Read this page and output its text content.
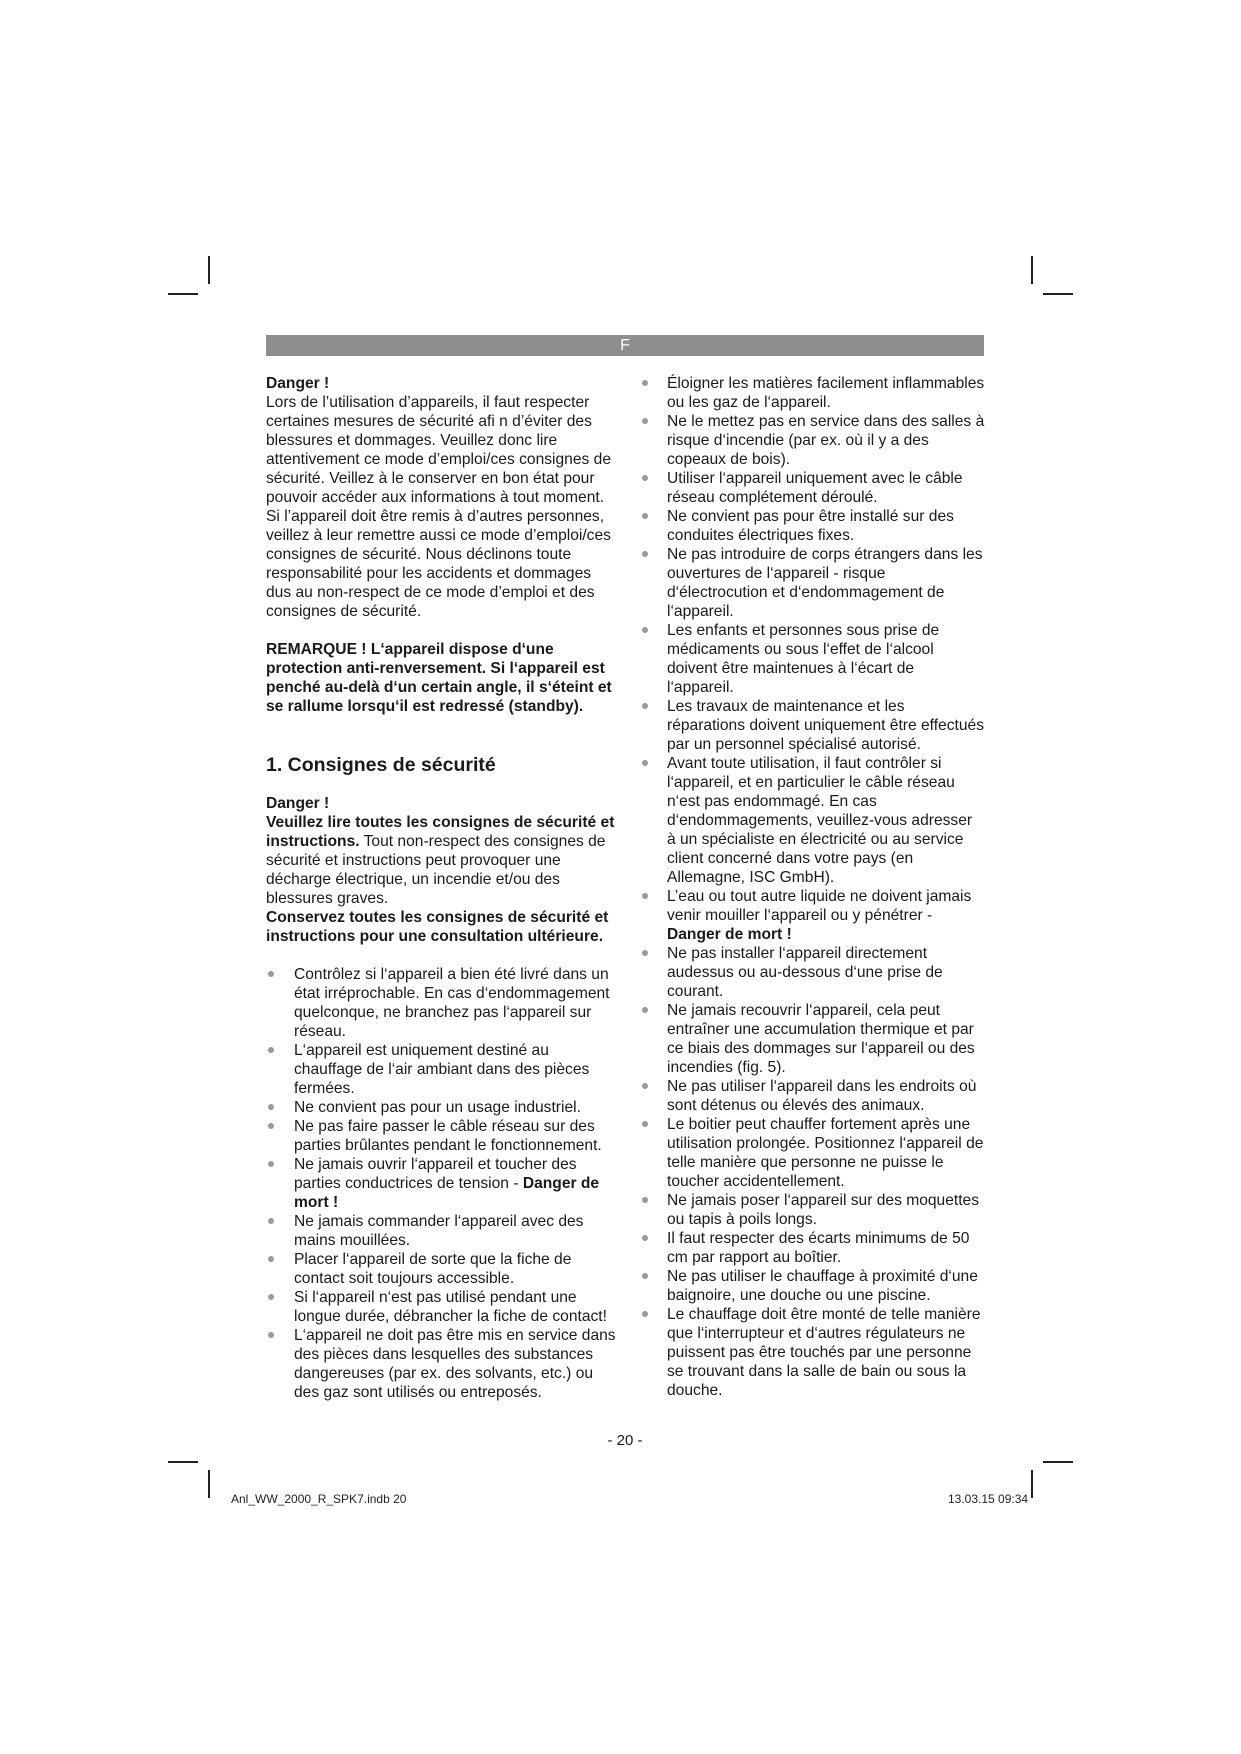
F

Danger !

Lors de l’utilisation d’appareils, il faut respecter certaines mesures de sécurité afi n d’éviter des blessures et dommages. Veuillez donc lire attentivement ce mode d’emploi/ces consignes de sécurité. Veillez à le conserver en bon état pour pouvoir accéder aux informations à tout moment. Si l’appareil doit être remis à d’autres personnes, veillez à leur remettre aussi ce mode d’emploi/ces consignes de sécurité. Nous déclinons toute responsabilité pour les accidents et dommages dus au non-respect de ce mode d’emploi et des consignes de sécurité.

REMARQUE ! L‘appareil dispose d‘une protection anti-renversement. Si l‘appareil est penché au-delà d‘un certain angle, il s‘éteint et se rallume lorsqu‘il est redressé (standby).

1. Consignes de sécurité

Danger !

Veuillez lire toutes les consignes de sécurité et instructions. Tout non-respect des consignes de sécurité et instructions peut provoquer une décharge électrique, un incendie et/ou des blessures graves.

Conservez toutes les consignes de sécurité et instructions pour une consultation ultérieure.

Contrôlez si l‘appareil a bien été livré dans un état irréprochable. En cas d‘endommagement quelconque, ne branchez pas l‘appareil sur réseau.
L‘appareil est uniquement destiné au chauffage de l‘air ambiant dans des pièces fermées.
Ne convient pas pour un usage industriel.
Ne pas faire passer le câble réseau sur des parties brûlantes pendant le fonctionnement.
Ne jamais ouvrir l‘appareil et toucher des parties conductrices de tension - Danger de mort !
Ne jamais commander l‘appareil avec des mains mouillées.
Placer l‘appareil de sorte que la fiche de contact soit toujours accessible.
Si l‘appareil n‘est pas utilisé pendant une longue durée, débrancher la fiche de contact!
L‘appareil ne doit pas être mis en service dans des pièces dans lesquelles des substances dangereuses (par ex. des solvants, etc.) ou des gaz sont utilisés ou entreposés.
Éloigner les matières facilement inflammables ou les gaz de l‘appareil.
Ne le mettez pas en service dans des salles à risque d‘incendie (par ex. où il y a des copeaux de bois).
Utiliser l‘appareil uniquement avec le câble réseau complétement déroulé.
Ne convient pas pour être installé sur des conduites électriques fixes.
Ne pas introduire de corps étrangers dans les ouvertures de l‘appareil - risque d‘électrocution et d‘endommagement de l‘appareil.
Les enfants et personnes sous prise de médicaments ou sous l‘effet de l‘alcool doivent être maintenues à l‘écart de l‘appareil.
Les travaux de maintenance et les réparations doivent uniquement être effectués par un personnel spécialisé autorisé.
Avant toute utilisation, il faut contrôler si l‘appareil, et en particulier le câble réseau n‘est pas endommagé. En cas d‘endommagements, veuillez-vous adresser à un spécialiste en électricité ou au service client concerné dans votre pays (en Allemagne, ISC GmbH).
L’eau ou tout autre liquide ne doivent jamais venir mouiller l‘appareil ou y pénétrer - Danger de mort !
Ne pas installer l‘appareil directement audessus ou au-dessous d‘une prise de courant.
Ne jamais recouvrir l‘appareil, cela peut entraîner une accumulation thermique et par ce biais des dommages sur l‘appareil ou des incendies (fig. 5).
Ne pas utiliser l‘appareil dans les endroits où sont détenus ou élevés des animaux.
Le boitier peut chauffer fortement après une utilisation prolongée. Positionnez l‘appareil de telle manière que personne ne puisse le toucher accidentellement.
Ne jamais poser l‘appareil sur des moquettes ou tapis à poils longs.
Il faut respecter des écarts minimums de 50 cm par rapport au boîtier.
Ne pas utiliser le chauffage à proximité d‘une baignoire, une douche ou une piscine.
Le chauffage doit être monté de telle manière que l‘interrupteur et d‘autres régulateurs ne puissent pas être touchés par une personne se trouvant dans la salle de bain ou sous la douche.
- 20 -
Anl_WW_2000_R_SPK7.indb 20	13.03.15 09:34
